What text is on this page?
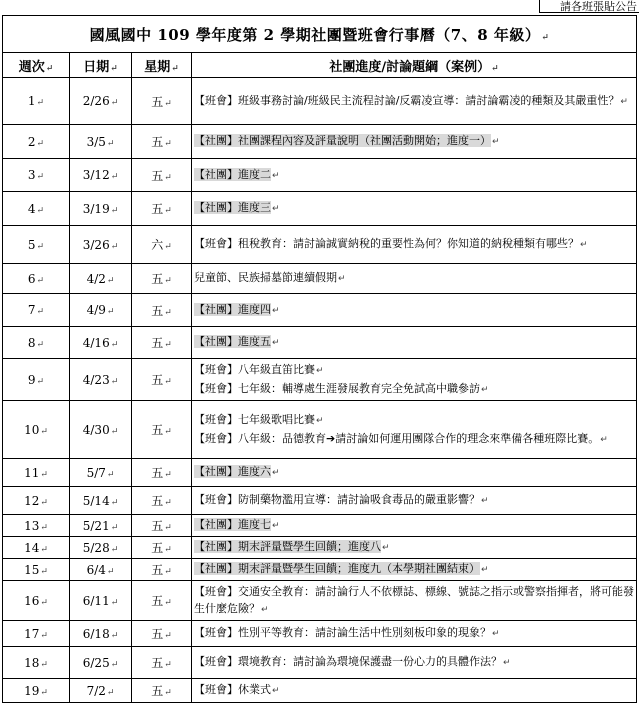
請各班張貼公告
國風國中 109 學年度第 2 學期社團暨班會行事曆（7、8 年級）↵			
週次↵	日期↵	星期↵	社團進度/討論題綱（案例）↵
1↵	2/26↵	五↵	【班會】班級事務討論/班級民主流程討論/反霸凌宣導：請討論霸凌的種類及其嚴重性？↵

2↵	3/5↵	五↵	【社團】社團課程內容及評量說明（社團活動開始；進度一）↵

3↵	3/12↵	五↵	【社團】進度二↵

4↵	3/19↵	五↵	【社團】進度三↵

5↵	3/26↵	六↵	【班會】租稅教育：請討論誠實納稅的重要性為何？你知道的納稅種類有哪些？↵

6↵	4/2↵	五↵	兒童節、民族掃墓節連續假期↵

7↵	4/9↵	五↵	【社團】進度四↵

8↵	4/16↵	五↵	【社團】進度五↵

9↵	4/23↵	五↵	【班會】八年級直笛比賽↵
【班會】七年級：輔導處生涯發展教育完全免試高中職參訪↵

10↵	4/30↵	五↵	【班會】七年級歌唱比賽↵
【班會】八年級：品德教育➔請討論如何運用團隊合作的理念來準備各種班際比賽。↵

11↵	5/7↵	五↵	【社團】進度六↵

12↵	5/14↵	五↵	【班會】防制藥物濫用宣導：請討論吸食毒品的嚴重影響？↵

13↵	5/21↵	五↵	【社團】進度七↵

14↵	5/28↵	五↵	【社團】期末評量暨學生回饋；進度八↵

15↵	6/4↵	五↵	【社團】期末評量暨學生回饋；進度九（本學期社團結束）↵

16↵	6/11↵	五↵	【班會】交通安全教育：請討論行人不依標誌、標線、號誌之指示或警察指揮者，將可能發生什麼危險？↵

17↵	6/18↵	五↵	【班會】性別平等教育：請討論生活中性別刻板印象的現象？↵

18↵	6/25↵	五↵	【班會】環境教育：請討論為環境保護盡一份心力的具體作法？↵

19↵	7/2↵	五↵	【班會】休業式↵
